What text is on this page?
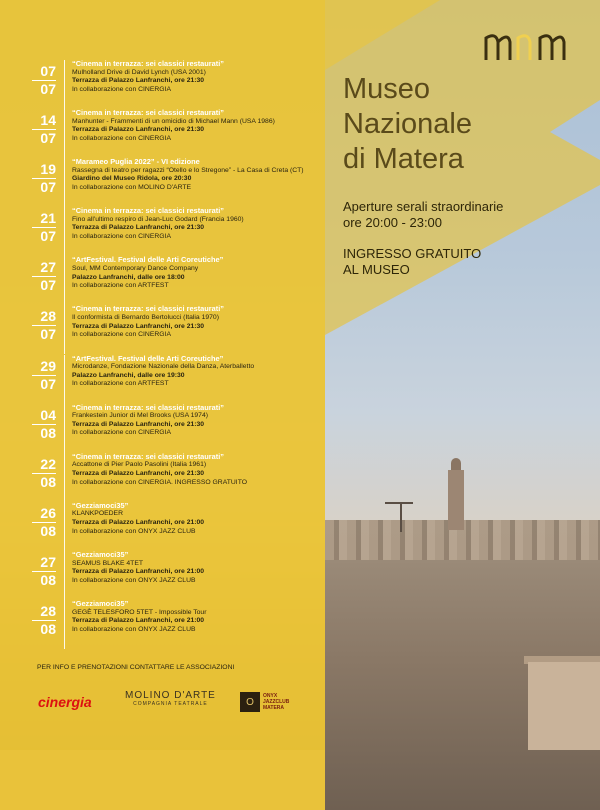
Museo
Nazionale
di Matera
Aperture serali straordinarie
ore 20:00 - 23:00
INGRESSO GRATUITO
AL MUSEO
07
07
“Cinema in terrazza: sei classici restaurati”
Mulholland Drive di David Lynch (USA 2001)
Terrazza di Palazzo Lanfranchi, ore 21:30
In collaborazione con CINERGIA
14
07
“Cinema in terrazza: sei classici restaurati”
Manhunter - Frammenti di un omicidio di Michael Mann (USA 1986)
Terrazza di Palazzo Lanfranchi, ore 21:30
In collaborazione con CINERGIA
19
07
“Marameo Puglia 2022” - VI edizione
Rassegna di teatro per ragazzi “Otello e lo Stregone” - La Casa di Creta (CT)
Giardino del Museo Ridola, ore 20:30
In collaborazione con MOLINO D'ARTE
21
07
“Cinema in terrazza: sei classici restaurati”
Fino all'ultimo respiro di Jean-Luc Godard (Francia 1960)
Terrazza di Palazzo Lanfranchi, ore 21:30
In collaborazione con CINERGIA
27
07
“ArtFestival. Festival delle Arti Coreutiche”
Soul, MM Contemporary Dance Company
Palazzo Lanfranchi, dalle ore 18:00
In collaborazione con ARTFEST
28
07
“Cinema in terrazza: sei classici restaurati”
Il conformista di Bernardo Bertolucci (Italia 1970)
Terrazza di Palazzo Lanfranchi, ore 21:30
In collaborazione con CINERGIA
29
07
“ArtFestival. Festival delle Arti Coreutiche”
Microdanze, Fondazione Nazionale della Danza, Aterballetto
Palazzo Lanfranchi, dalle ore 19:30
In collaborazione con ARTFEST
04
08
“Cinema in terrazza: sei classici restaurati”
Frankestein Junior di Mel Brooks (USA 1974)
Terrazza di Palazzo Lanfranchi, ore 21:30
In collaborazione con CINERGIA
22
08
“Cinema in terrazza: sei classici restaurati”
Accattone di Pier Paolo Pasolini (Italia 1961)
Terrazza di Palazzo Lanfranchi, ore 21:30
In collaborazione con CINERGIA. INGRESSO GRATUITO
26
08
“Gezziamoci35”
KLANKPOEDER
Terrazza di Palazzo Lanfranchi, ore 21:00
In collaborazione con ONYX JAZZ CLUB
27
08
“Gezziamoci35”
SEAMUS BLAKE 4TET
Terrazza di Palazzo Lanfranchi, ore 21:00
In collaborazione con ONYX JAZZ CLUB
28
08
“Gezziamoci35”
GEGÈ TELESFORO 5TET - Impossible Tour
Terrazza di Palazzo Lanfranchi, ore 21:00
In collaborazione con ONYX JAZZ CLUB
PER INFO E PRENOTAZIONI CONTATTARE LE ASSOCIAZIONI
cinergia	MOLINO D'ARTE
COMPAGNIA TEATRALE	O
ONYX
JAZZCLUB
MATERA
